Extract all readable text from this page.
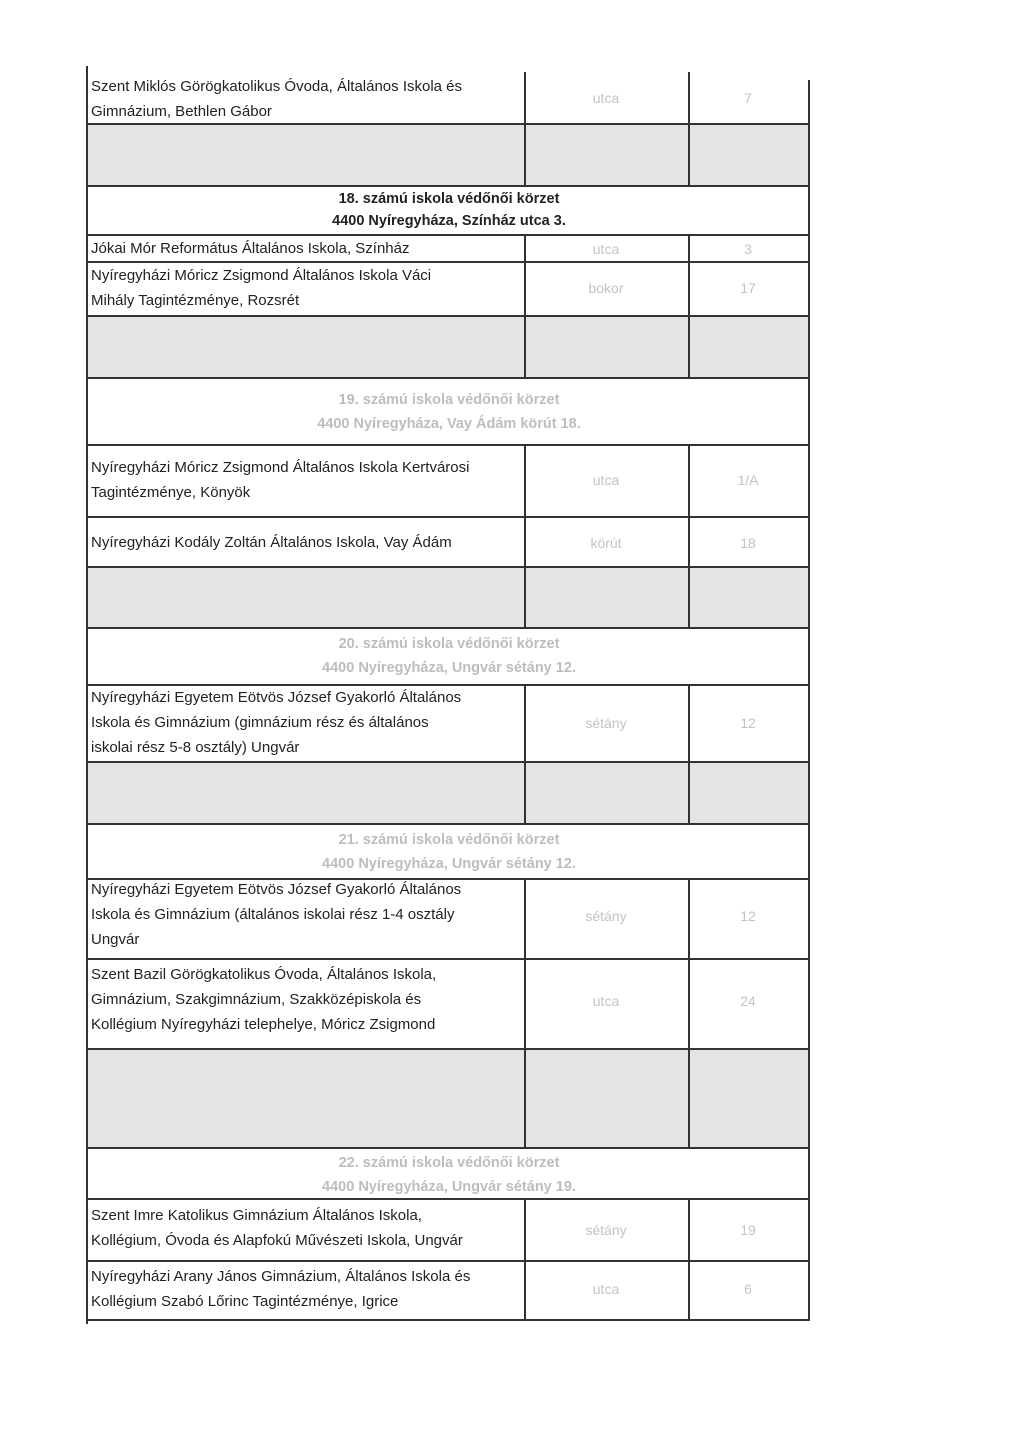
Szent Miklós Görögkatolikus Óvoda, Általános Iskola és
Gimnázium, Bethlen Gábor
utca	7
18. számú iskola védőnői körzet
4400 Nyíregyháza, Színház utca 3.
Jókai Mór Református Általános Iskola, Színház	utca	3
Nyíregyházi Móricz Zsigmond Általános Iskola Váci
Mihály Tagintézménye, Rozsrét
bokor	17
19. számú iskola védőnői körzet
4400 Nyíregyháza, Vay Ádám körút 18.
Nyíregyházi Móricz Zsigmond Általános Iskola Kertvárosi
Tagintézménye, Könyök
utca	1/A
Nyíregyházi Kodály Zoltán Általános Iskola, Vay Ádám	körút	18
20. számú iskola védőnői körzet
4400 Nyíregyháza, Ungvár sétány 12.
Nyíregyházi Egyetem Eötvös József Gyakorló Általános
Iskola és Gimnázium (gimnázium rész és általános
iskolai rész 5-8 osztály) Ungvár
sétány	12
21. számú iskola védőnői körzet
4400 Nyíregyháza, Ungvár sétány 12.
Nyíregyházi Egyetem Eötvös József Gyakorló Általános
Iskola és Gimnázium (általános iskolai rész 1-4 osztály
Ungvár
sétány	12
Szent Bazil Görögkatolikus Óvoda, Általános Iskola,
Gimnázium, Szakgimnázium, Szakközépiskola és
Kollégium Nyíregyházi telephelye, Móricz Zsigmond
utca	24
22. számú iskola védőnői körzet
4400 Nyíregyháza, Ungvár sétány 19.
Szent Imre Katolikus Gimnázium Általános Iskola,
Kollégium, Óvoda és Alapfokú Művészeti Iskola, Ungvár
sétány	19
Nyíregyházi Arany János Gimnázium, Általános Iskola és
Kollégium Szabó Lőrinc Tagintézménye, Igrice
utca	6
